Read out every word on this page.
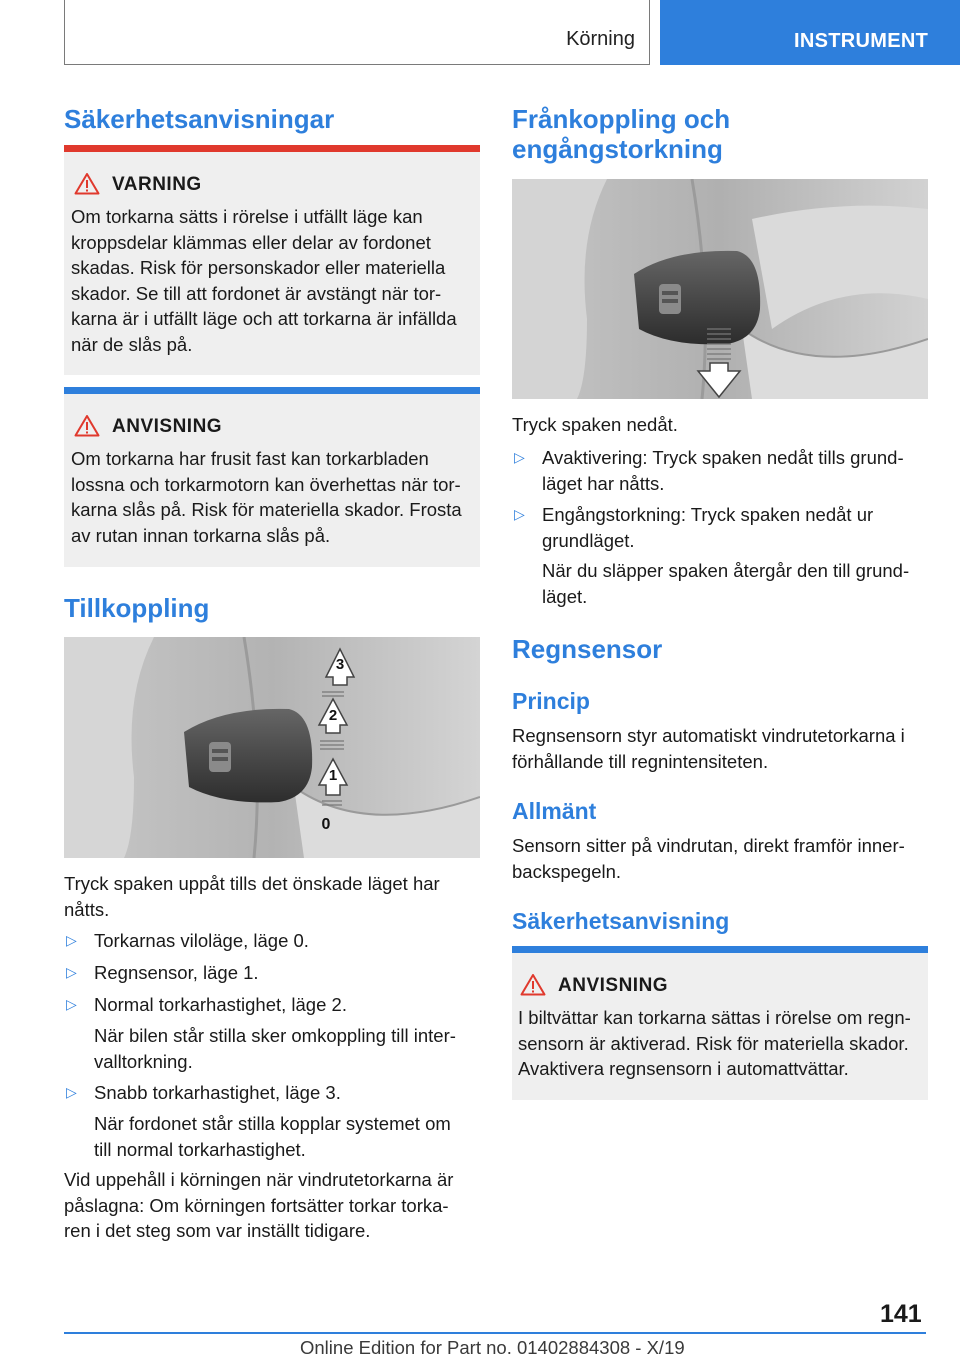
Körning	INSTRUMENT
Säkerhetsanvisningar
VARNING
Om torkarna sätts i rörelse i utfällt läge kan
kroppsdelar klämmas eller delar av fordonet
skadas. Risk för personskador eller materiella
skador. Se till att fordonet är avstängt när tor-
karna är i utfällt läge och att torkarna är infällda
när de slås på.
ANVISNING
Om torkarna har frusit fast kan torkarbladen
lossna och torkarmotorn kan överhettas när tor-
karna slås på. Risk för materiella skador. Frosta
av rutan innan torkarna slås på.
Tillkoppling
3
2
1
0
Tryck spaken uppåt tills det önskade läget har
nåtts.
▷ Torkarnas viloläge, läge 0.
▷ Regnsensor, läge 1.
▷ Normal torkarhastighet, läge 2.
När bilen står stilla sker omkoppling till inter-
valltorkning.
▷ Snabb torkarhastighet, läge 3.
När fordonet står stilla kopplar systemet om
till normal torkarhastighet.
Vid uppehåll i körningen när vindrutetorkarna är
påslagna: Om körningen fortsätter torkar torka-
ren i det steg som var inställt tidigare.
Frånkoppling och
engångstorkning
Tryck spaken nedåt.
▷ Avaktivering: Tryck spaken nedåt tills grund-
läget har nåtts.
▷ Engångstorkning: Tryck spaken nedåt ur
grundläget.
När du släpper spaken återgår den till grund-
läget.
Regnsensor
Princip
Regnsensorn styr automatiskt vindrutetorkarna i
förhållande till regnintensiteten.
Allmänt
Sensorn sitter på vindrutan, direkt framför inner-
backspegeln.
Säkerhetsanvisning
ANVISNING
I biltvättar kan torkarna sättas i rörelse om regn-
sensorn är aktiverad. Risk för materiella skador.
Avaktivera regnsensorn i automattvättar.
141
Online Edition for Part no. 01402884308 - X/19
